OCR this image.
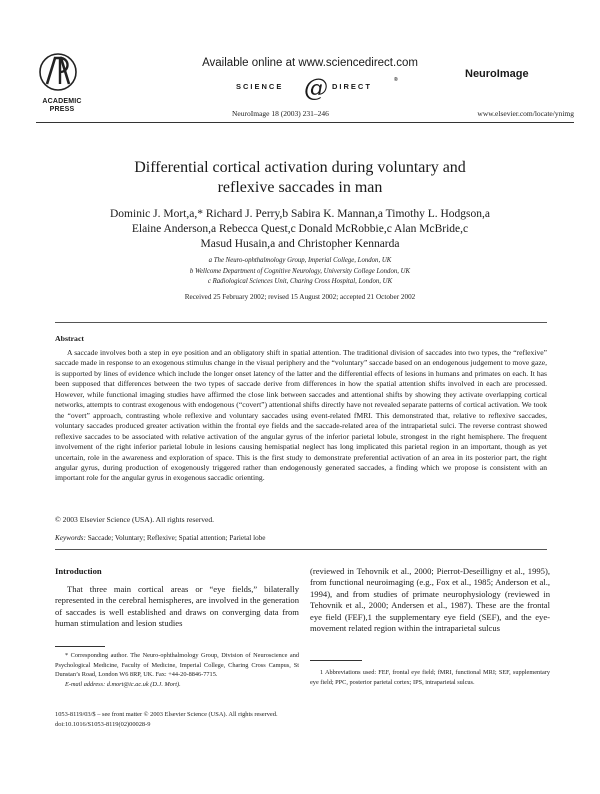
ACADEMIC
PRESS
Available online at www.sciencedirect.com
SCIENCE @ DIRECT
®	NeuroImage
NeuroImage 18 (2003) 231–246	www.elsevier.com/locate/ynimg
Differential cortical activation during voluntary and
reflexive saccades in man
Dominic J. Mort,a,* Richard J. Perry,b Sabira K. Mannan,a Timothy L. Hodgson,a
Elaine Anderson,a Rebecca Quest,c Donald McRobbie,c Alan McBride,c
Masud Husain,a and Christopher Kennarda
a The Neuro-ophthalmology Group, Imperial College, London, UK
b Wellcome Department of Cognitive Neurology, University College London, UK
c Radiological Sciences Unit, Charing Cross Hospital, London, UK
Received 25 February 2002; revised 15 August 2002; accepted 21 October 2002
Abstract
A saccade involves both a step in eye position and an obligatory shift in spatial attention. The traditional division of saccades into two types, the “reflexive” saccade made in response to an exogenous stimulus change in the visual periphery and the “voluntary” saccade based on an endogenous judgement to move gaze, is supported by lines of evidence which include the longer onset latency of the latter and the differential effects of lesions in humans and primates on each. It has been supposed that differences between the two types of saccade derive from differences in how the spatial attention shifts involved in each are processed. However, while functional imaging studies have affirmed the close link between saccades and attentional shifts by showing they activate overlapping cortical networks, attempts to contrast exogenous with endogenous (“covert”) attentional shifts directly have not revealed separate patterns of cortical activation. We took the “overt” approach, contrasting whole reflexive and voluntary saccades using event-related fMRI. This demonstrated that, relative to reflexive saccades, voluntary saccades produced greater activation within the frontal eye fields and the saccade-related area of the intraparietal sulci. The reverse contrast showed reflexive saccades to be associated with relative activation of the angular gyrus of the inferior parietal lobule, strongest in the right hemisphere. The frequent involvement of the right inferior parietal lobule in lesions causing hemispatial neglect has long implicated this parietal region in an important, though as yet uncertain, role in the awareness and exploration of space. This is the first study to demonstrate preferential activation of an area in its posterior part, the right angular gyrus, during production of exogenously triggered rather than endogenously generated saccades, a finding which we propose is consistent with an important role for the angular gyrus in exogenous saccadic orienting.
© 2003 Elsevier Science (USA). All rights reserved.
Keywords: Saccade; Voluntary; Reflexive; Spatial attention; Parietal lobe
Introduction
That three main cortical areas or “eye fields,” bilaterally represented in the cerebral hemispheres, are involved in the generation of saccades is well established and draws on converging data from human stimulation and lesion studies
(reviewed in Tehovnik et al., 2000; Pierrot-Deseilligny et al., 1995), from functional neuroimaging (e.g., Fox et al., 1985; Anderson et al., 1994), and from studies of primate neurophysiology (reviewed in Tehovnik et al., 2000; Andersen et al., 1987). These are the frontal eye field (FEF),1 the supplementary eye field (SEF), and the eye-movement related region within the intraparietal sulcus
* Corresponding author. The Neuro-ophthalmology Group, Division of Neuroscience and Psychological Medicine, Faculty of Medicine, Imperial College, Charing Cross Campus, St Dunstan’s Road, London W6 8RP, UK. Fax: +44-20-8846-7715.
E-mail address: d.mort@ic.ac.uk (D.J. Mort).
1 Abbreviations used: FEF, frontal eye field; fMRI, functional MRI; SEF, supplementary eye field; PPC, posterior parietal cortex; IPS, intraparietal sulcus.
1053-8119/03/$ – see front matter © 2003 Elsevier Science (USA). All rights reserved.
doi:10.1016/S1053-8119(02)00028-9
